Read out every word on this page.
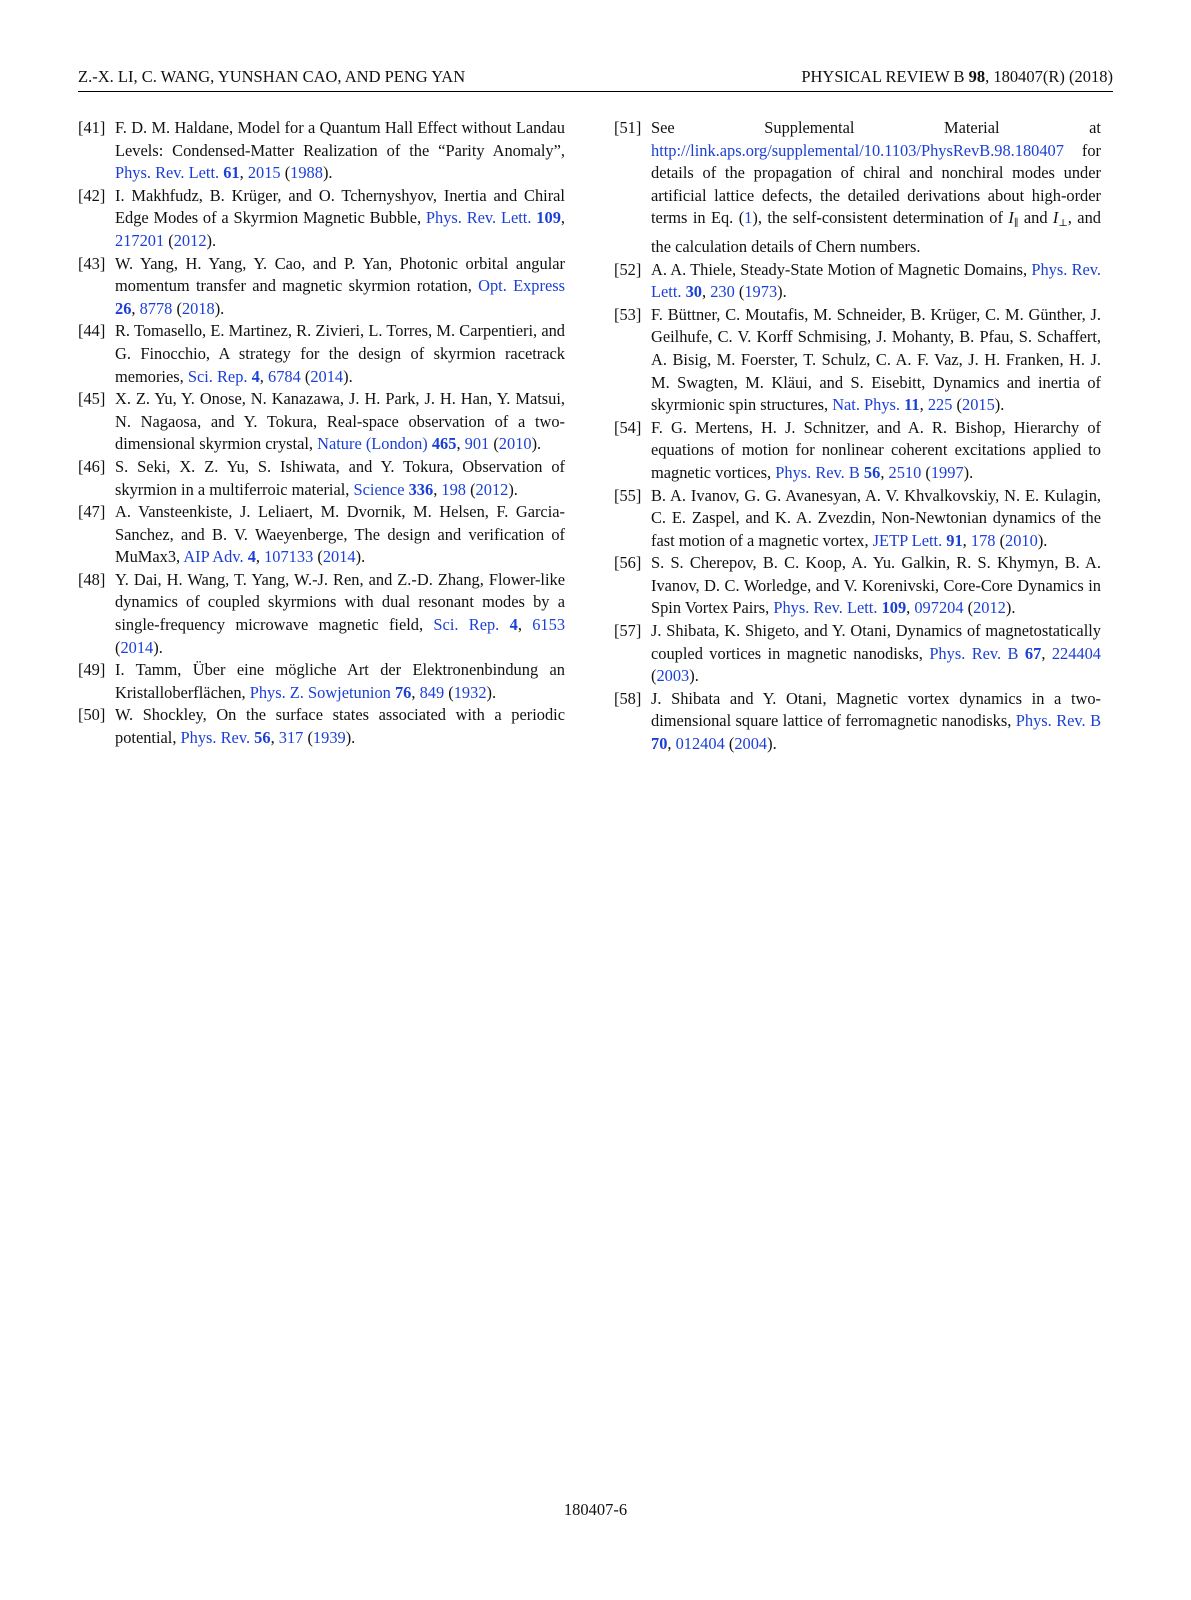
Z.-X. LI, C. WANG, YUNSHAN CAO, AND PENG YAN	PHYSICAL REVIEW B 98, 180407(R) (2018)

[41] F. D. M. Haldane, Model for a Quantum Hall Effect without Landau Levels: Condensed-Matter Realization of the “Parity Anomaly”, Phys. Rev. Lett. 61, 2015 (1988).

[42] I. Makhfudz, B. Krüger, and O. Tchernyshyov, Inertia and Chiral Edge Modes of a Skyrmion Magnetic Bubble, Phys. Rev. Lett. 109, 217201 (2012).

[43] W. Yang, H. Yang, Y. Cao, and P. Yan, Photonic orbital angular momentum transfer and magnetic skyrmion rotation, Opt. Express 26, 8778 (2018).

[44] R. Tomasello, E. Martinez, R. Zivieri, L. Torres, M. Carpentieri, and G. Finocchio, A strategy for the design of skyrmion racetrack memories, Sci. Rep. 4, 6784 (2014).

[45] X. Z. Yu, Y. Onose, N. Kanazawa, J. H. Park, J. H. Han, Y. Matsui, N. Nagaosa, and Y. Tokura, Real-space observation of a two-dimensional skyrmion crystal, Nature (London) 465, 901 (2010).

[46] S. Seki, X. Z. Yu, S. Ishiwata, and Y. Tokura, Observation of skyrmion in a multiferroic material, Science 336, 198 (2012).

[47] A. Vansteenkiste, J. Leliaert, M. Dvornik, M. Helsen, F. Garcia-Sanchez, and B. V. Waeyenberge, The design and verification of MuMax3, AIP Adv. 4, 107133 (2014).

[48] Y. Dai, H. Wang, T. Yang, W.-J. Ren, and Z.-D. Zhang, Flower-like dynamics of coupled skyrmions with dual resonant modes by a single-frequency microwave magnetic field, Sci. Rep. 4, 6153 (2014).

[49] I. Tamm, Über eine mögliche Art der Elektronenbindung an Kristalloberflächen, Phys. Z. Sowjetunion 76, 849 (1932).

[50] W. Shockley, On the surface states associated with a periodic potential, Phys. Rev. 56, 317 (1939).

[51] See Supplemental Material at http://link.aps.org/supplemental/10.1103/PhysRevB.98.180407 for details of the propagation of chiral and nonchiral modes under artificial lattice defects, the detailed derivations about high-order terms in Eq. (1), the self-consistent determination of $I_\parallel$ and $I_\perp$, and the calculation details of Chern numbers.

[52] A. A. Thiele, Steady-State Motion of Magnetic Domains, Phys. Rev. Lett. 30, 230 (1973).

[53] F. Büttner, C. Moutafis, M. Schneider, B. Krüger, C. M. Günther, J. Geilhufe, C. V. Korff Schmising, J. Mohanty, B. Pfau, S. Schaffert, A. Bisig, M. Foerster, T. Schulz, C. A. F. Vaz, J. H. Franken, H. J. M. Swagten, M. Kläui, and S. Eisebitt, Dynamics and inertia of skyrmionic spin structures, Nat. Phys. 11, 225 (2015).

[54] F. G. Mertens, H. J. Schnitzer, and A. R. Bishop, Hierarchy of equations of motion for nonlinear coherent excitations applied to magnetic vortices, Phys. Rev. B 56, 2510 (1997).

[55] B. A. Ivanov, G. G. Avanesyan, A. V. Khvalkovskiy, N. E. Kulagin, C. E. Zaspel, and K. A. Zvezdin, Non-Newtonian dynamics of the fast motion of a magnetic vortex, JETP Lett. 91, 178 (2010).

[56] S. S. Cherepov, B. C. Koop, A. Yu. Galkin, R. S. Khymyn, B. A. Ivanov, D. C. Worledge, and V. Korenivski, Core-Core Dynamics in Spin Vortex Pairs, Phys. Rev. Lett. 109, 097204 (2012).

[57] J. Shibata, K. Shigeto, and Y. Otani, Dynamics of magnetostatically coupled vortices in magnetic nanodisks, Phys. Rev. B 67, 224404 (2003).

[58] J. Shibata and Y. Otani, Magnetic vortex dynamics in a two-dimensional square lattice of ferromagnetic nanodisks, Phys. Rev. B 70, 012404 (2004).

180407-6
